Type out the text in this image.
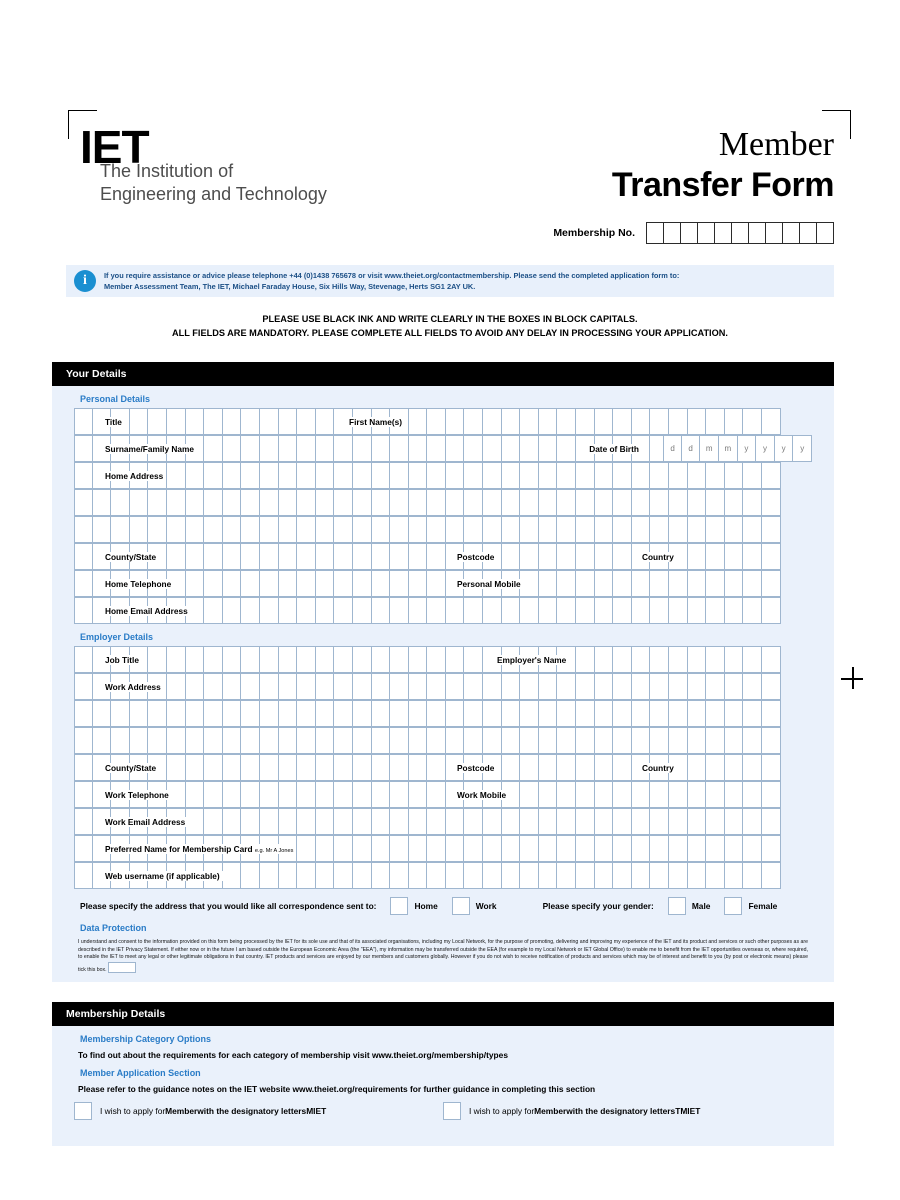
IET
The Institution of
Engineering and Technology
Member
Transfer Form
Membership No.
i	If you require assistance or advice please telephone +44 (0)1438 765678 or visit www.theiet.org/contactmembership. Please send the completed application form to:
Member Assessment Team, The IET, Michael Faraday House, Six Hills Way, Stevenage, Herts SG1 2AY UK.
PLEASE USE BLACK INK AND WRITE CLEARLY IN THE BOXES IN BLOCK CAPITALS.
ALL FIELDS ARE MANDATORY. PLEASE COMPLETE ALL FIELDS TO AVOID ANY DELAY IN PROCESSING YOUR APPLICATION.
Your Details
Personal Details
Title	First Name(s)
Surname/Family Name	Date of Birth	d	d	m	m	y	y	y	y
Home Address
County/State	Postcode	Country
Home Telephone	Personal Mobile
Home Email Address
Employer Details
Job Title	Employer's Name
Work Address
County/State	Postcode	Country
Work Telephone	Work Mobile
Work Email Address
Preferred Name for Membership Card e.g. Mr A Jones
Web username (if applicable)
Please specify the address that you would like all correspondence sent to:	Home	Work	Please specify your gender:	Male	Female
Data Protection
I understand and consent to the information provided on this form being processed by the IET for its sole use and that of its associated organisations, including my Local Network, for the purpose of promoting, delivering and improving my experience of the IET and its product and services or such other purposes as are described in the IET Privacy Statement. If either now or in the future I am based outside the European Economic Area (the "EEA"), my information may be transferred outside the EEA (for example to my Local Network or IET Global Office) to enable me to benefit from the IET opportunities overseas or, where required, to enable the IET to meet any legal or other legitimate obligations in that country. IET products and services are enjoyed by our members and customers globally. However if you do not wish to receive notification of products and services which may be of interest and benefit to you (by post or electronic means) please tick this box.
Membership Details
Membership Category Options
To find out about the requirements for each category of membership visit www.theiet.org/membership/types
Member Application Section
Please refer to the guidance notes on the IET website www.theiet.org/requirements for further guidance in completing this section
I wish to apply for Member with the designatory letters MIET	I wish to apply for Member with the designatory letters TMIET
